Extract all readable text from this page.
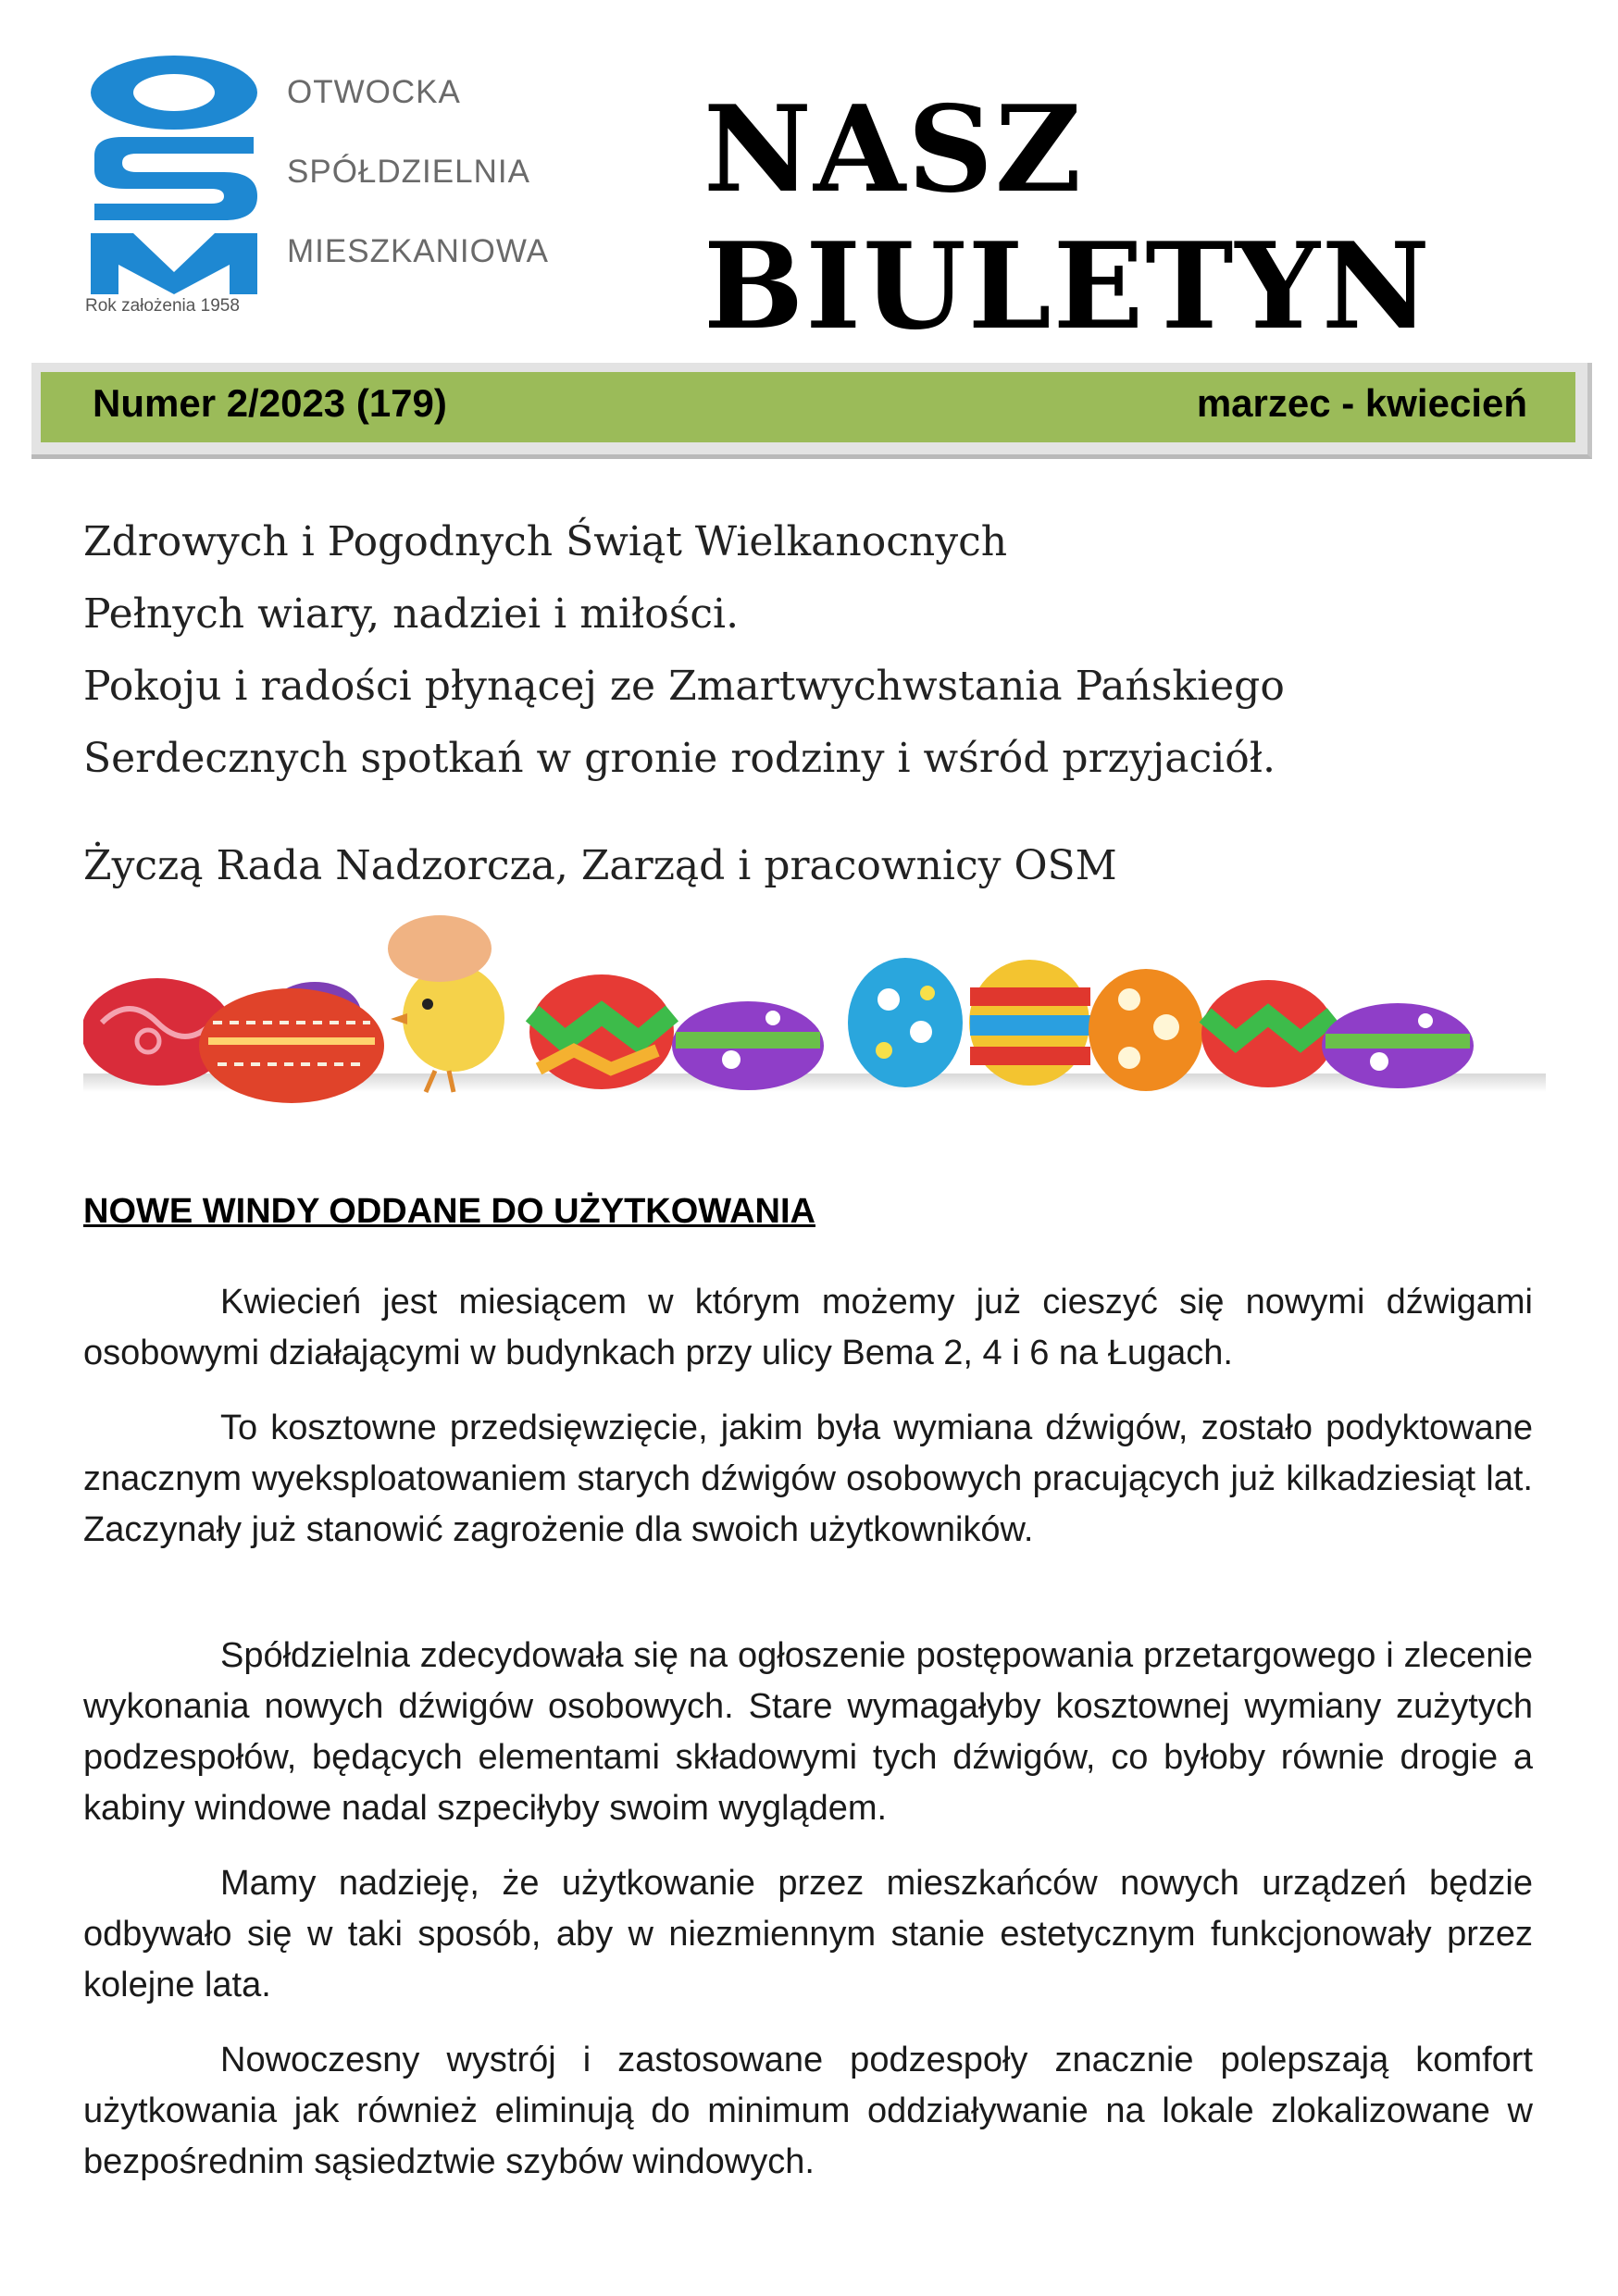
OTWOCKA
SPÓŁDZIELNIA
MIESZKANIOWA
Rok założenia 1958
NASZ
BIULETYN
Numer 2/2023 (179)	marzec - kwiecień
Zdrowych i Pogodnych Świąt Wielkanocnych
Pełnych wiary, nadziei i miłości.
Pokoju i radości płynącej ze Zmartwychwstania Pańskiego
Serdecznych spotkań w gronie rodziny i wśród przyjaciół.
Życzą Rada Nadzorcza, Zarząd i pracownicy OSM
NOWE WINDY ODDANE DO UŻYTKOWANIA

Kwiecień jest miesiącem w którym możemy już cieszyć się nowymi dźwigami osobowymi działającymi w budynkach przy ulicy Bema 2, 4 i 6 na Ługach.

To kosztowne przedsięwzięcie, jakim była wymiana dźwigów, zostało podyktowane znacznym wyeksploatowaniem starych dźwigów osobowych pracujących już kilkadziesiąt lat. Zaczynały już stanowić zagrożenie dla swoich użytkowników.

Spółdzielnia zdecydowała się na ogłoszenie postępowania przetargowego i zlecenie wykonania nowych dźwigów osobowych. Stare wymagałyby kosztownej wymiany zużytych podzespołów, będących elementami składowymi tych dźwigów, co byłoby równie drogie a kabiny windowe nadal szpeciłyby swoim wyglądem.

Mamy nadzieję, że użytkowanie przez mieszkańców nowych urządzeń będzie odbywało się w taki sposób, aby w niezmiennym stanie estetycznym funkcjonowały przez kolejne lata.

Nowoczesny wystrój i zastosowane podzespoły znacznie polepszają komfort użytkowania jak również eliminują do minimum oddziaływanie na lokale zlokalizowane w bezpośrednim sąsiedztwie szybów windowych.
